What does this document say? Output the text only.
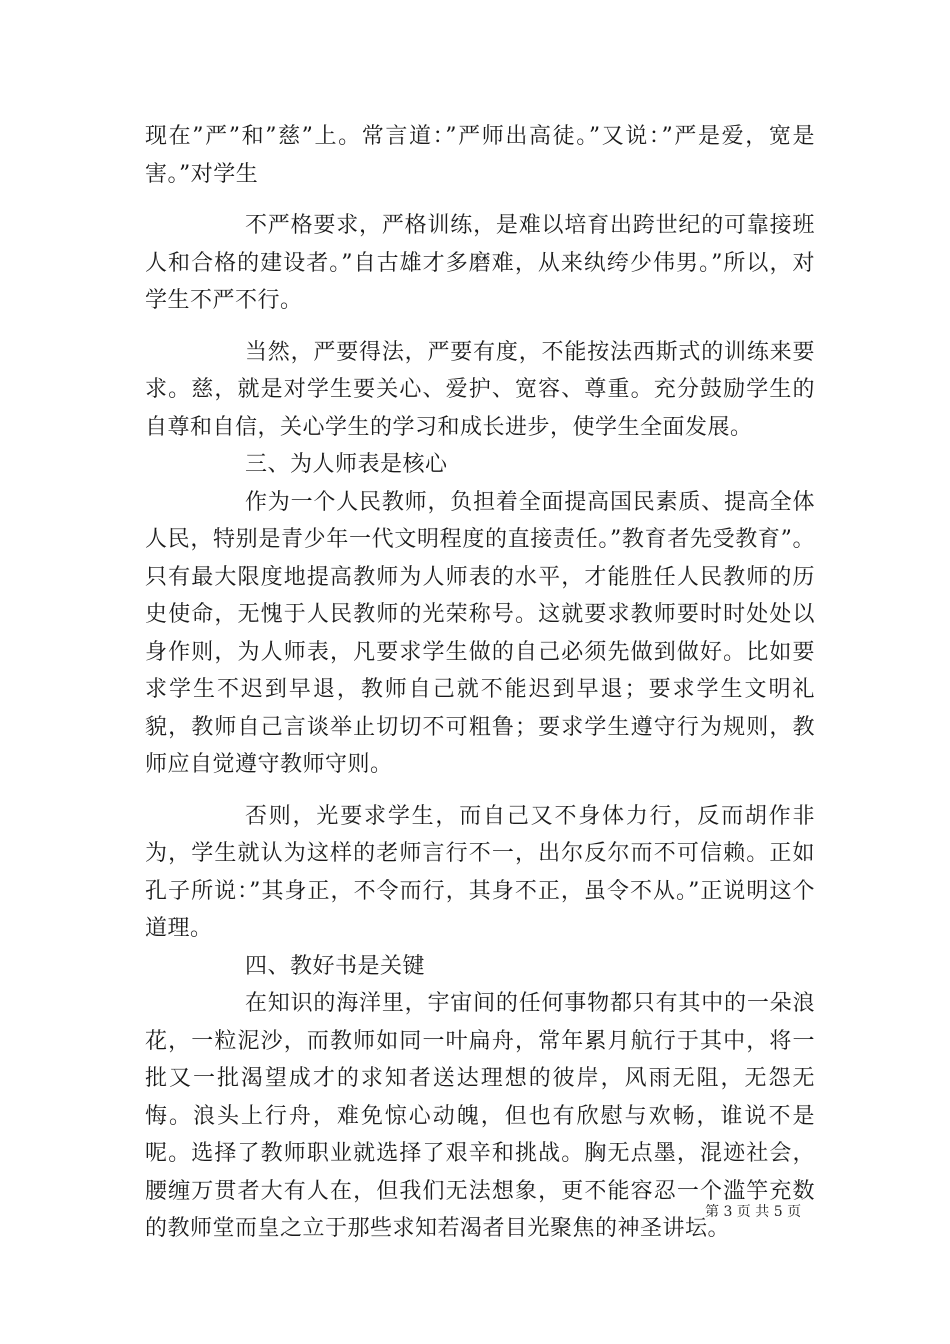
现在”严”和”慈”上。常言道：”严师出高徒。”又说：”严是爱，宽是害。”对学生

不严格要求，严格训练，是难以培育出跨世纪的可靠接班人和合格的建设者。”自古雄才多磨难，从来纨绔少伟男。”所以，对学生不严不行。

当然，严要得法，严要有度，不能按法西斯式的训练来要求。慈，就是对学生要关心、爱护、宽容、尊重。充分鼓励学生的自尊和自信，关心学生的学习和成长进步，使学生全面发展。

三、为人师表是核心

作为一个人民教师，负担着全面提高国民素质、提高全体人民，特别是青少年一代文明程度的直接责任。”教育者先受教育”。只有最大限度地提高教师为人师表的水平，才能胜任人民教师的历史使命，无愧于人民教师的光荣称号。这就要求教师要时时处处以身作则，为人师表，凡要求学生做的自己必须先做到做好。比如要求学生不迟到早退，教师自己就不能迟到早退；要求学生文明礼貌，教师自己言谈举止切切不可粗鲁；要求学生遵守行为规则，教师应自觉遵守教师守则。

否则，光要求学生，而自己又不身体力行，反而胡作非为，学生就认为这样的老师言行不一，出尔反尔而不可信赖。正如孔子所说：”其身正，不令而行，其身不正，虽令不从。”正说明这个道理。

四、教好书是关键

在知识的海洋里，宇宙间的任何事物都只有其中的一朵浪花，一粒泥沙，而教师如同一叶扁舟，常年累月航行于其中，将一批又一批渴望成才的求知者送达理想的彼岸，风雨无阻，无怨无悔。浪头上行舟，难免惊心动魄，但也有欣慰与欢畅，谁说不是呢。选择了教师职业就选择了艰辛和挑战。胸无点墨，混迹社会，腰缠万贯者大有人在，但我们无法想象，更不能容忍一个滥竽充数的教师堂而皇之立于那些求知若渴者目光聚焦的神圣讲坛。

第 3 页 共 5 页
